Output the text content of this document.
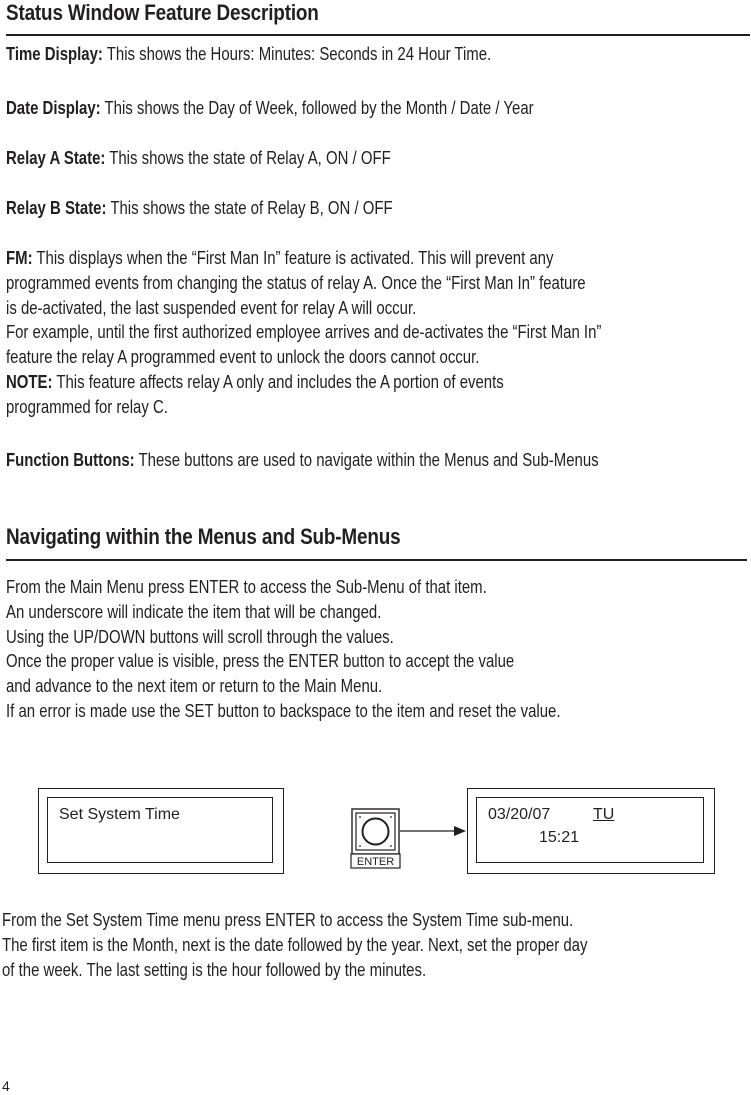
Status Window Feature Description
Time Display: This shows the Hours: Minutes: Seconds in 24 Hour Time.
Date Display: This shows the Day of Week, followed by the Month / Date / Year
Relay A State: This shows the state of Relay A, ON / OFF
Relay B State: This shows the state of Relay B, ON / OFF
FM: This displays when the “First Man In” feature is activated. This will prevent any
programmed events from changing the status of relay A. Once the “First Man In” feature
is de-activated, the last suspended event for relay A will occur.
For example, until the first authorized employee arrives and de-activates the “First Man In”
feature the relay A programmed event to unlock the doors cannot occur.
NOTE: This feature affects relay A only and includes the A portion of events
programmed for relay C.
Function Buttons: These buttons are used to navigate within the Menus and Sub-Menus
Navigating within the Menus and Sub-Menus
From the Main Menu press ENTER to access the Sub-Menu of that item.
An underscore will indicate the item that will be changed.
Using the UP/DOWN buttons will scroll through the values.
Once the proper value is visible, press the ENTER button to accept the value
and advance to the next item or return to the Main Menu.
If an error is made use the SET button to backspace to the item and reset the value.
Set System Time
ENTER
03/20/07	TU
15:21
From the Set System Time menu press ENTER to access the System Time sub-menu.
The first item is the Month, next is the date followed by the year. Next, set the proper day
of the week. The last setting is the hour followed by the minutes.
4
